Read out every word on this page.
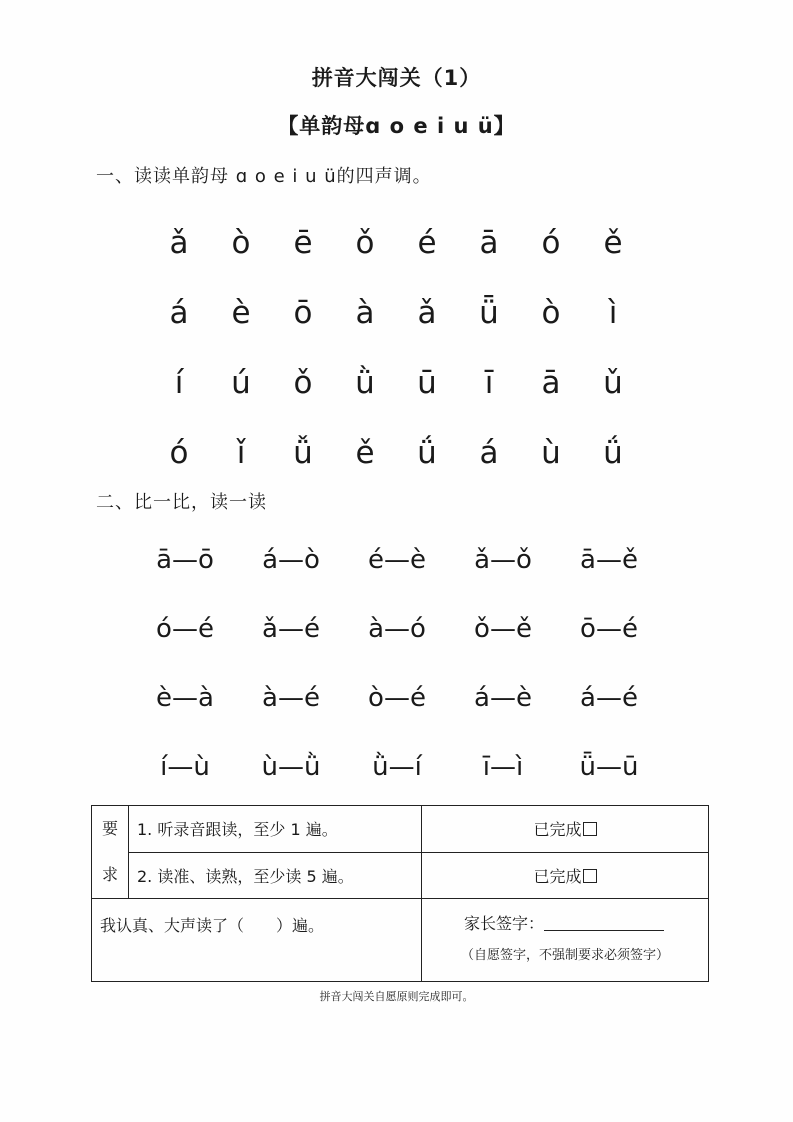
拼音大闯关（1）
【单韵母ɑ o e i u ü】
一、读读单韵母 ɑ o e i u ü的四声调。
ǎ	ò	ē	ǒ	é	ā	ó	ě
á	è	ō	à	ǎ	ǖ	ò	ì
í	ú	ǒ	ǜ	ū	ī	ā	ǔ
ó	ǐ	ǚ	ě	ǘ	á	ù	ǘ
二、比一比，读一读
ā—ō	á—ò	é—è	ǎ—ǒ	ā—ě
ó—é	ǎ—é	à—ó	ǒ—ě	ō—é
è—à	à—é	ò—é	á—è	á—é
í—ù	ù—ǜ	ǜ—í	ī—ì	ǖ—ū
要
求	1. 听录音跟读，至少 1 遍。	已完成
	2. 读准、读熟，至少读 5 遍。	已完成
我认真、大声读了（　　）遍。		家长签字：
（自愿签字，不强制要求必须签字）
拼音大闯关自愿原则完成即可。
